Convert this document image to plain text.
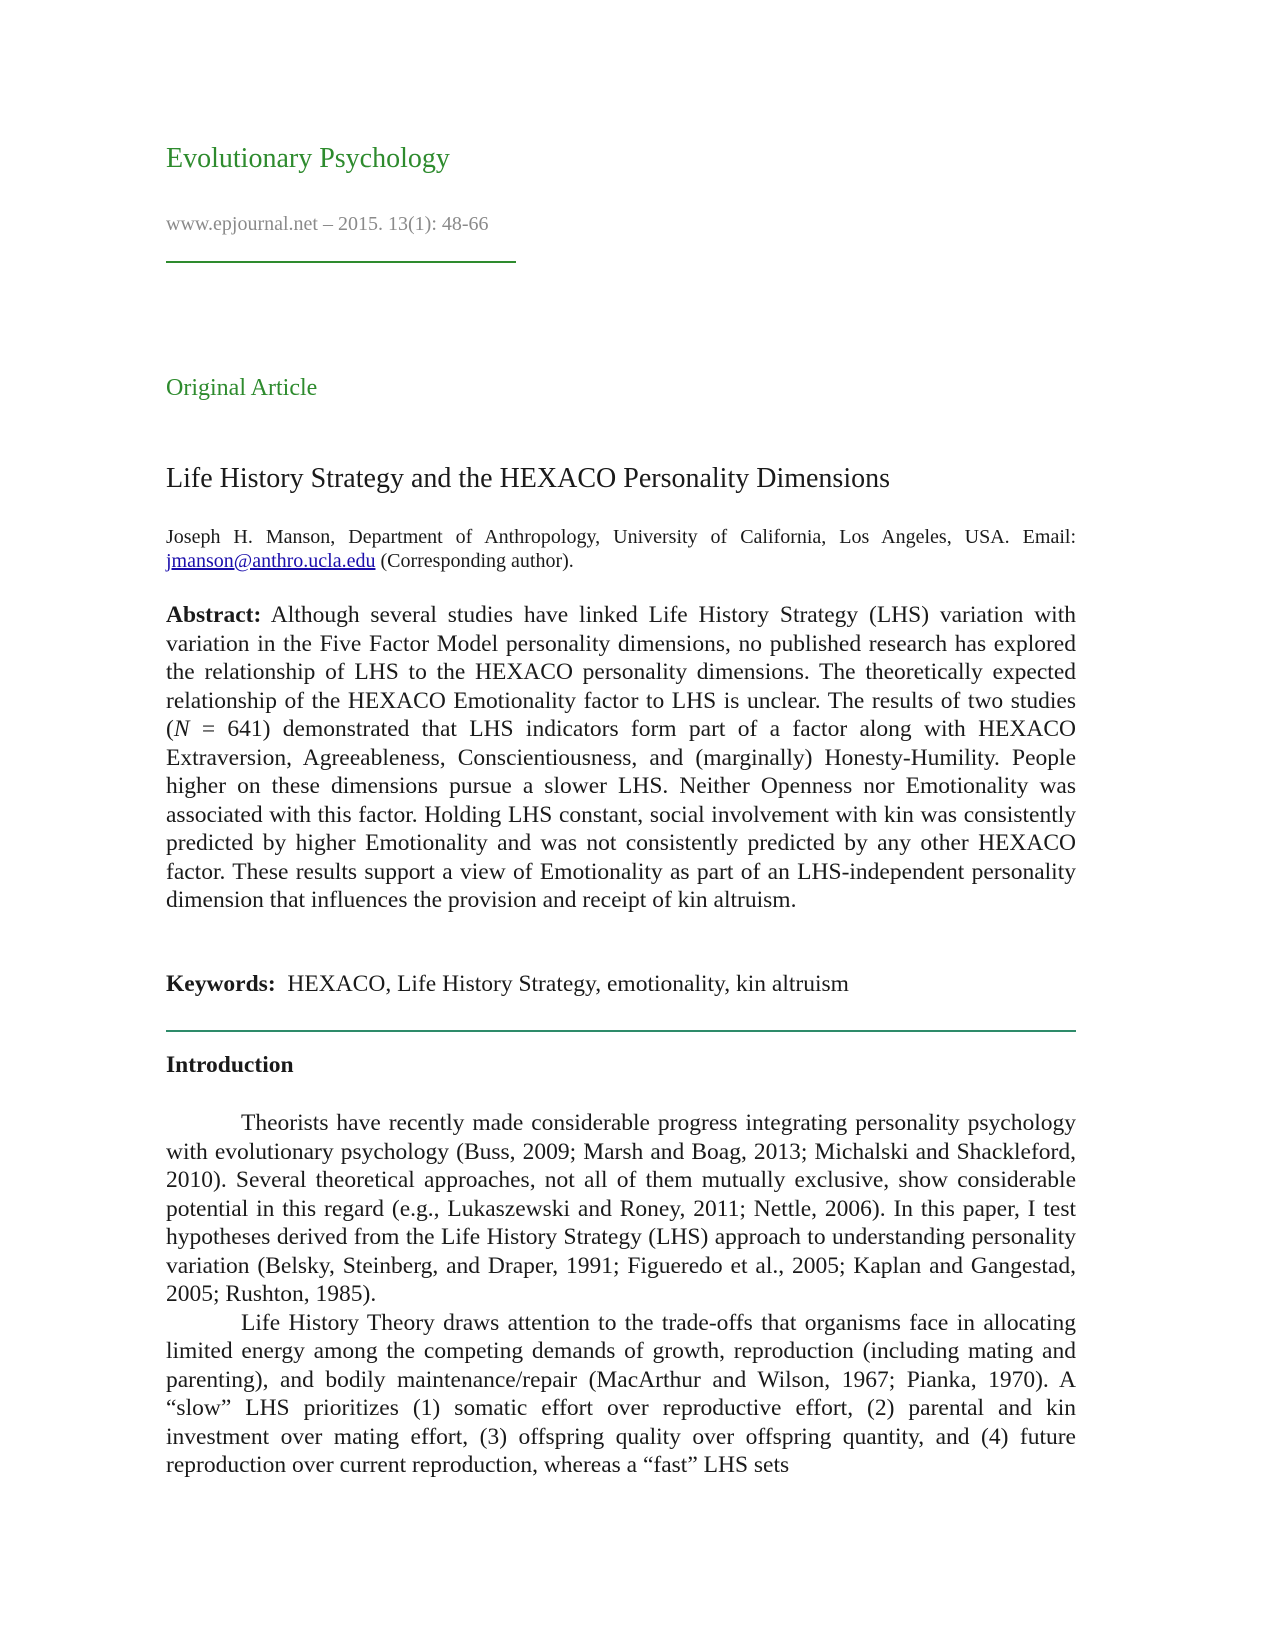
Evolutionary Psychology
www.epjournal.net – 2015. 13(1): 48-66
Original Article
Life History Strategy and the HEXACO Personality Dimensions
Joseph H. Manson, Department of Anthropology, University of California, Los Angeles, USA. Email:
jmanson@anthro.ucla.edu (Corresponding author).
Abstract: Although several studies have linked Life History Strategy (LHS) variation with variation in the Five Factor Model personality dimensions, no published research has explored the relationship of LHS to the HEXACO personality dimensions. The theoretically expected relationship of the HEXACO Emotionality factor to LHS is unclear. The results of two studies (N = 641) demonstrated that LHS indicators form part of a factor along with HEXACO Extraversion, Agreeableness, Conscientiousness, and (marginally) Honesty-Humility. People higher on these dimensions pursue a slower LHS. Neither Openness nor Emotionality was associated with this factor. Holding LHS constant, social involvement with kin was consistently predicted by higher Emotionality and was not consistently predicted by any other HEXACO factor. These results support a view of Emotionality as part of an LHS-independent personality dimension that influences the provision and receipt of kin altruism.
Keywords:  HEXACO, Life History Strategy, emotionality, kin altruism
Introduction

Theorists have recently made considerable progress integrating personality psychology with evolutionary psychology (Buss, 2009; Marsh and Boag, 2013; Michalski and Shackleford, 2010). Several theoretical approaches, not all of them mutually exclusive, show considerable potential in this regard (e.g., Lukaszewski and Roney, 2011; Nettle, 2006). In this paper, I test hypotheses derived from the Life History Strategy (LHS) approach to understanding personality variation (Belsky, Steinberg, and Draper, 1991; Figueredo et al., 2005; Kaplan and Gangestad, 2005; Rushton, 1985).

Life History Theory draws attention to the trade-offs that organisms face in allocating limited energy among the competing demands of growth, reproduction (including mating and parenting), and bodily maintenance/repair (MacArthur and Wilson, 1967; Pianka, 1970). A “slow” LHS prioritizes (1) somatic effort over reproductive effort, (2) parental and kin investment over mating effort, (3) offspring quality over offspring quantity, and (4) future reproduction over current reproduction, whereas a “fast” LHS sets
